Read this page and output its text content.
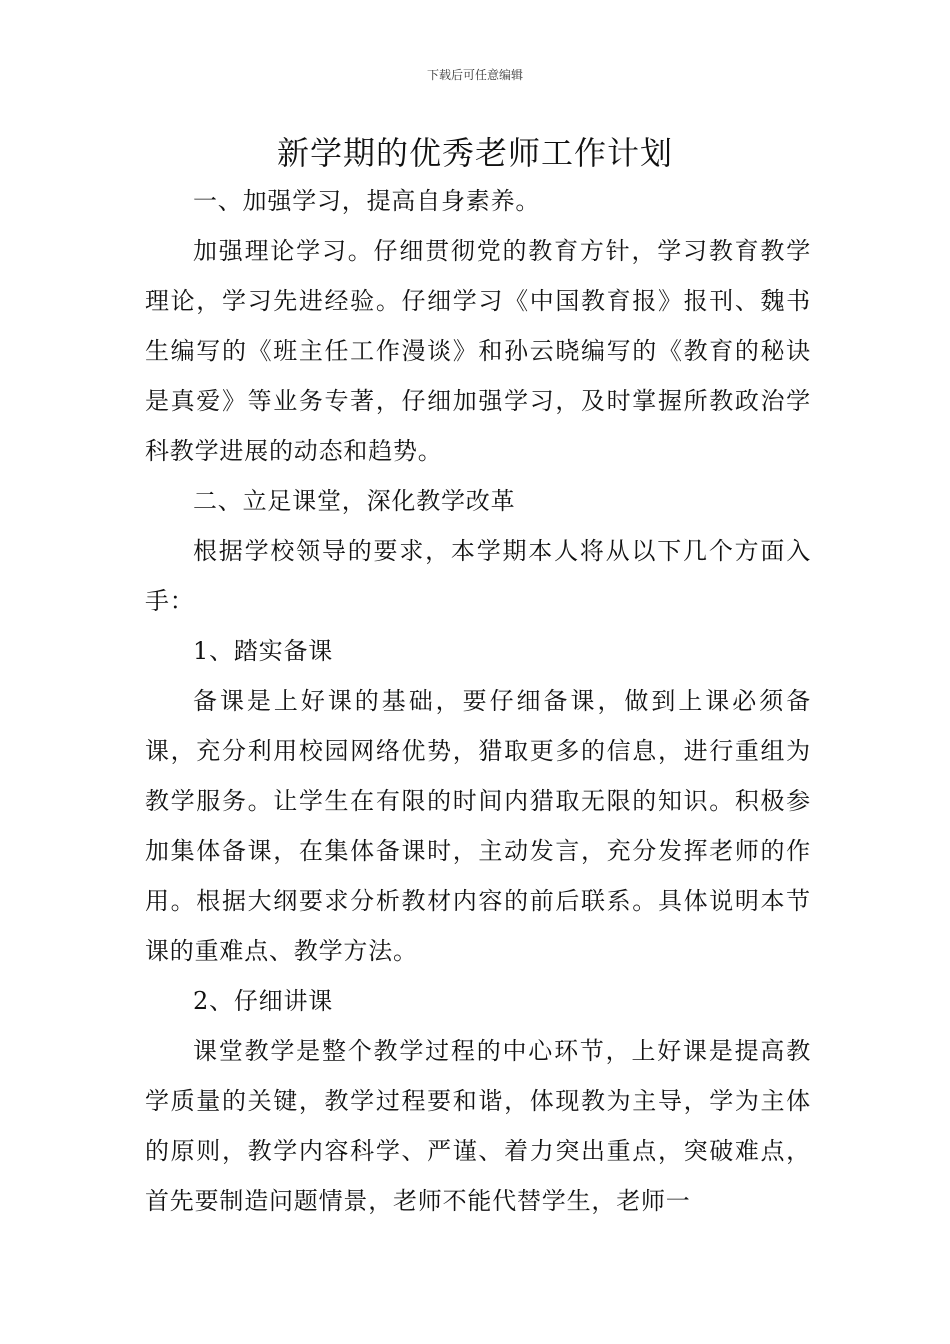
下载后可任意编辑
新学期的优秀老师工作计划

一、加强学习，提高自身素养。

加强理论学习。仔细贯彻党的教育方针，学习教育教学理论，学习先进经验。仔细学习《中国教育报》报刊、魏书生编写的《班主任工作漫谈》和孙云晓编写的《教育的秘诀是真爱》等业务专著，仔细加强学习，及时掌握所教政治学科教学进展的动态和趋势。

二、立足课堂，深化教学改革

根据学校领导的要求，本学期本人将从以下几个方面入手：

1、踏实备课

备课是上好课的基础，要仔细备课，做到上课必须备课，充分利用校园网络优势，猎取更多的信息，进行重组为教学服务。让学生在有限的时间内猎取无限的知识。积极参加集体备课，在集体备课时，主动发言，充分发挥老师的作用。根据大纲要求分析教材内容的前后联系。具体说明本节课的重难点、教学方法。

2、仔细讲课

课堂教学是整个教学过程的中心环节，上好课是提高教学质量的关键，教学过程要和谐，体现教为主导，学为主体的原则，教学内容科学、严谨、着力突出重点，突破难点，首先要制造问题情景，老师不能代替学生，老师一
